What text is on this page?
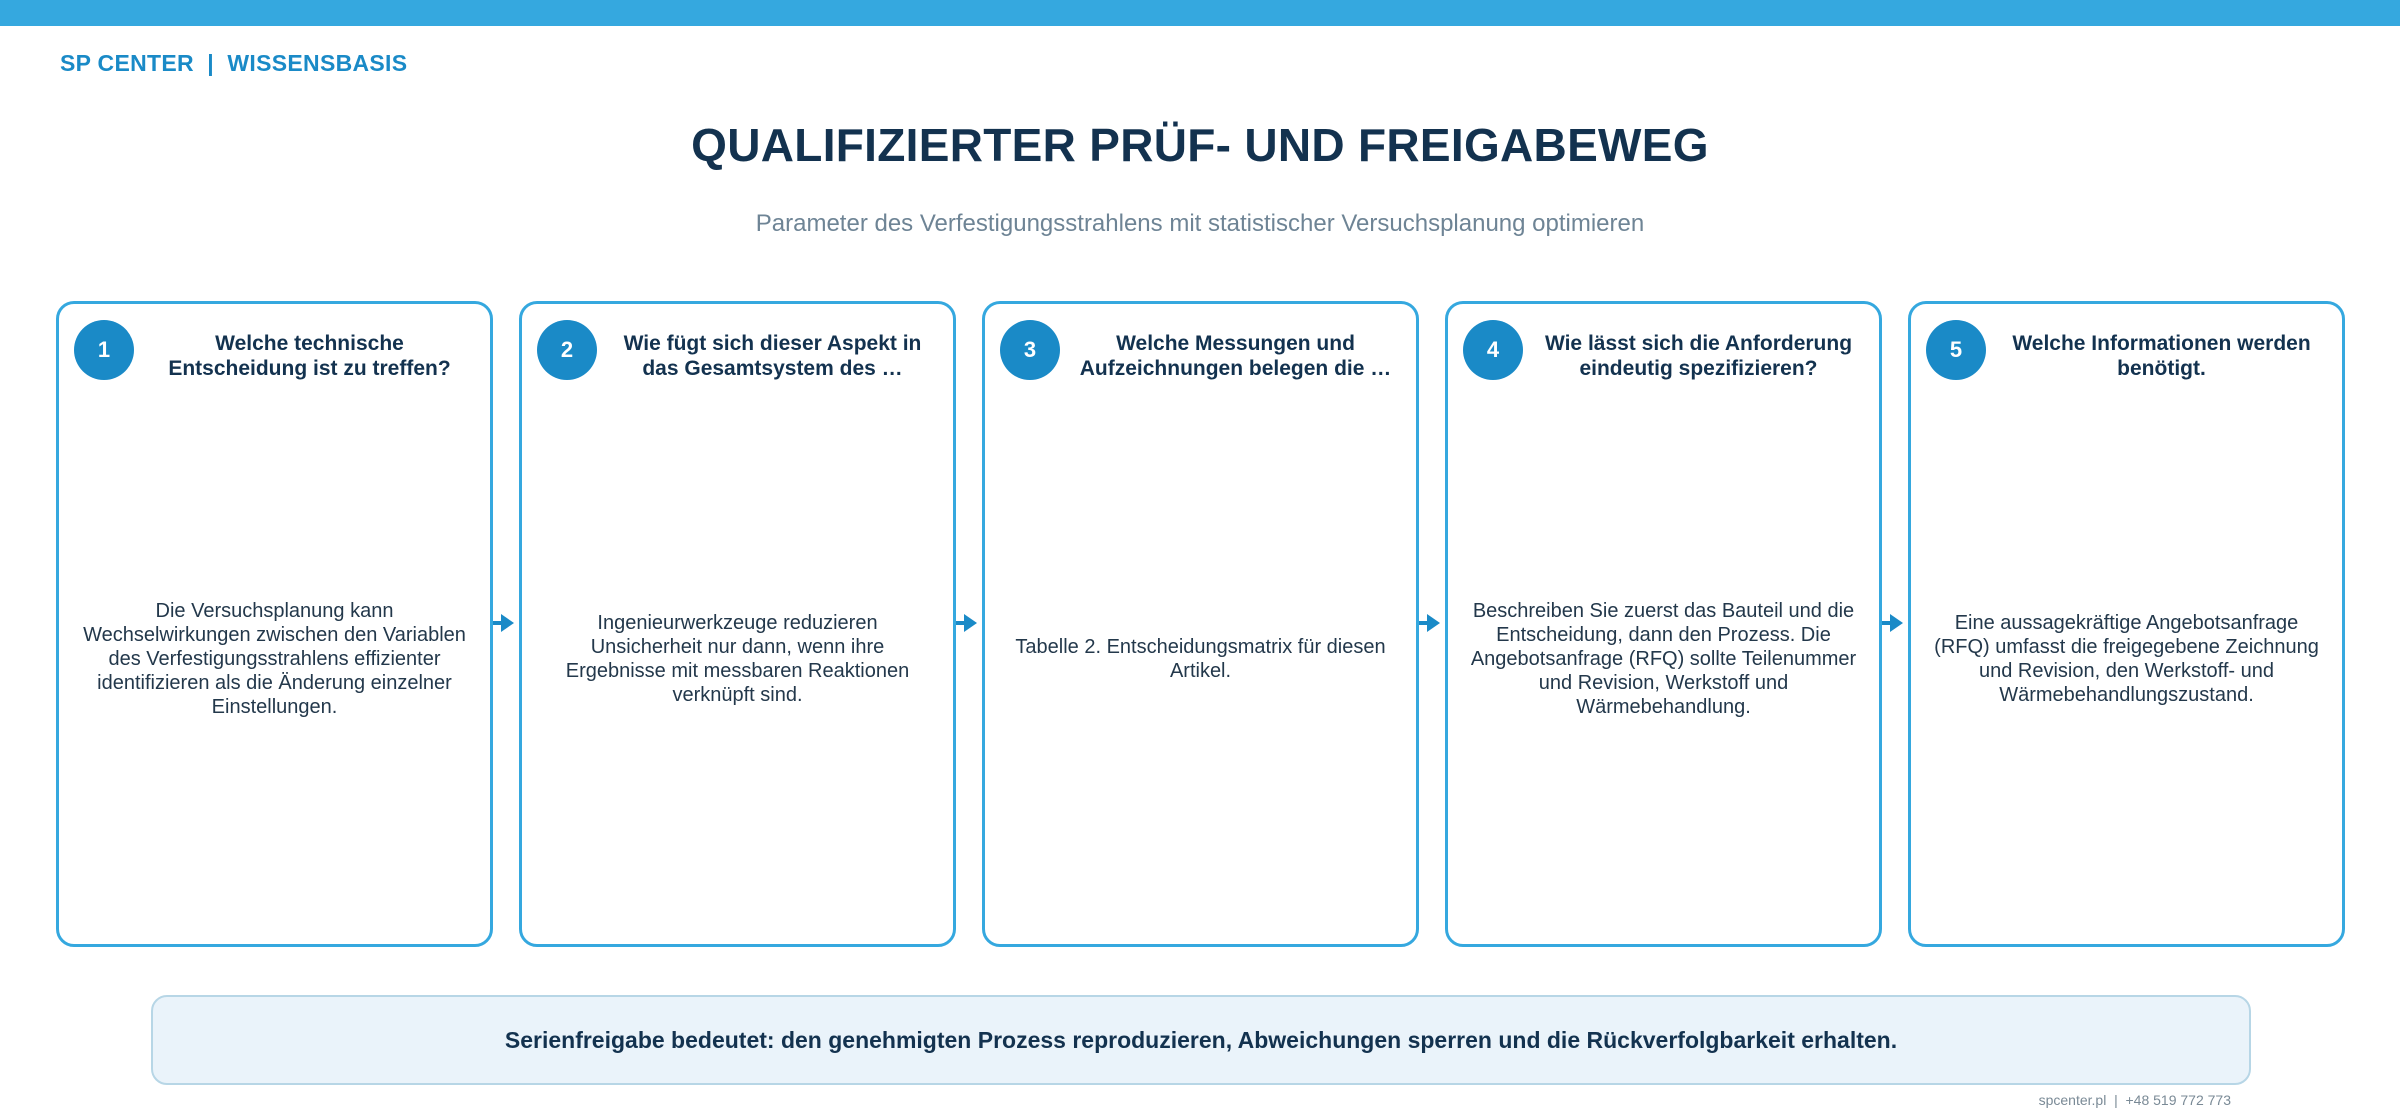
SP CENTER  |  WISSENSBASIS
QUALIFIZIERTER PRÜF- UND FREIGABEWEG
Parameter des Verfestigungsstrahlens mit statistischer Versuchsplanung optimieren
1	Welche technische Entscheidung ist zu treffen?
Die Versuchsplanung kann Wechselwirkungen zwischen den Variablen des Verfestigungsstrahlens effizienter identifizieren als die Änderung einzelner Einstellungen.
2	Wie fügt sich dieser Aspekt in das Gesamtsystem des …
Ingenieurwerkzeuge reduzieren Unsicherheit nur dann, wenn ihre Ergebnisse mit messbaren Reaktionen verknüpft sind.
3	Welche Messungen und Aufzeichnungen belegen die …
Tabelle 2. Entscheidungsmatrix für diesen Artikel.
4	Wie lässt sich die Anforderung eindeutig spezifizieren?
Beschreiben Sie zuerst das Bauteil und die Entscheidung, dann den Prozess. Die Angebotsanfrage (RFQ) sollte Teilenummer und Revision, Werkstoff und Wärmebehandlung.
5	Welche Informationen werden benötigt.
Eine aussagekräftige Angebotsanfrage (RFQ) umfasst die freigegebene Zeichnung und Revision, den Werkstoff- und Wärmebehandlungszustand.
Serienfreigabe bedeutet: den genehmigten Prozess reproduzieren, Abweichungen sperren und die Rückverfolgbarkeit erhalten.
spcenter.pl  |  +48 519 772 773
